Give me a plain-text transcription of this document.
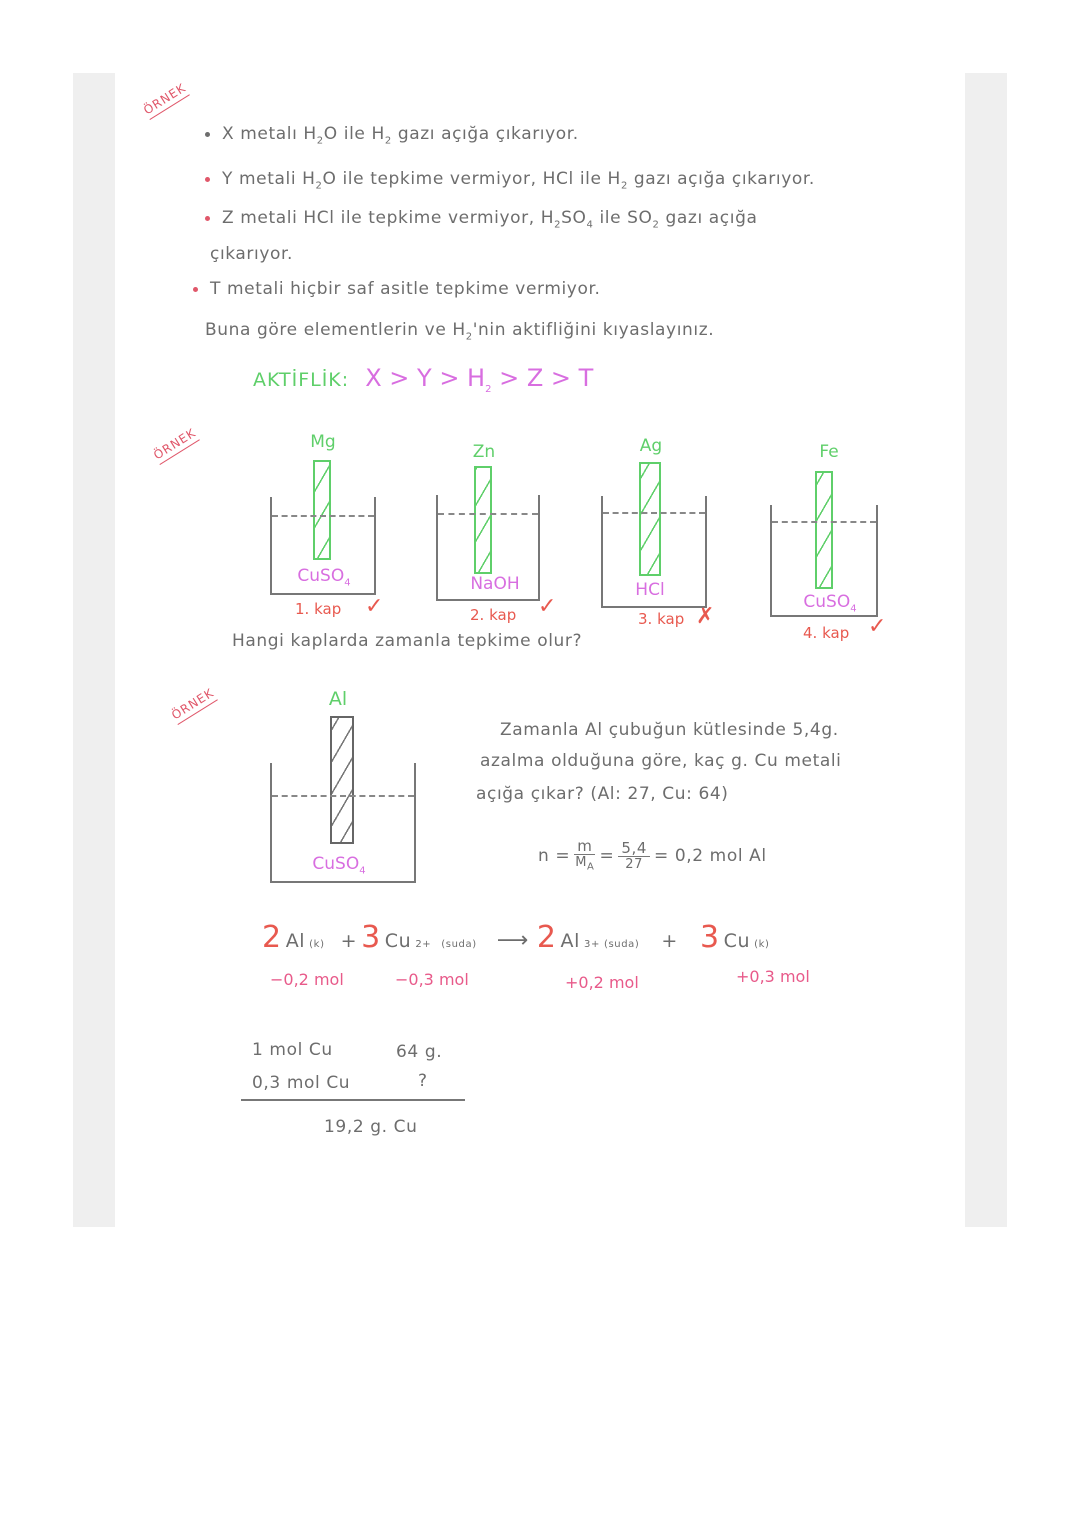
ÖRNEK
X metalı $H_2O$ ile $H_2$ gazı açığa çıkarıyor.
Y metali $H_2O$ ile tepkime vermiyor, HCl ile $H_2$ gazı açığa çıkarıyor.
Z metali HCl ile tepkime vermiyor, $H_2SO_4$ ile $SO_2$ gazı açığa
çıkarıyor.
T metali hiçbir saf asitle tepkime vermiyor.
Buna göre elementlerin ve $H_2'nin$ aktifliğini kıyaslayınız.
AKTİFLİK: $X > Y > H_2 > Z > T$
ÖRNEK	Mg
CuSO$_4$
1. kap ✓
Zn
NaOH
2. kap ✓
Ag
HCl
3. kap ✗
Fe
CuSO$_4$
4. kap ✓
Hangi kaplarda zamanla tepkime olur?
ÖRNEK	Al
CuSO$_4$
Zamanla Al çubuğun kütlesinde 5,4g.
azalma olduğuna göre, kaç g. Cu metali
açığa çıkar? (Al: 27, Cu: 64)
$n = \frac{m}{M_A} = \frac{5,4}{27} = 0,2$ mol Al
2 Al (k) + 3 Cu 2+ (suda) ⟶ 2 Al 3+ (suda) + 3 Cu (k)
−0,2 mol	−0,3 mol	+0,2 mol	+0,3 mol
1 mol Cu	64 g.
0,3 mol Cu	?
19,2 g. Cu
